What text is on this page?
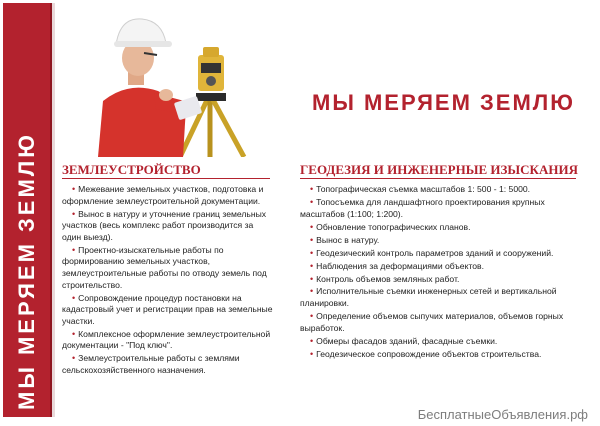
МЫ МЕРЯЕМ ЗЕМЛЮ
МЫ МЕРЯЕМ ЗЕМЛЮ
ЗЕМЛЕУСТРОЙСТВО
• Межевание земельных участков, подготовка и оформление землеустроительной документации.
• Вынос в натуру и уточнение границ земельных участков (весь комплекс работ производится за один выезд).
• Проектно-изыскательные работы по формированию земельных участков, землеустроительные работы по отводу земель под строительство.
• Сопровождение процедур постановки на кадастровый учет и регистрации прав на земельные участки.
• Комплексное оформление землеустроительной документации - "Под ключ".
• Землеустроительные работы с землями сельскохозяйственного назначения.
ГЕОДЕЗИЯ И ИНЖЕНЕРНЫЕ ИЗЫСКАНИЯ
• Топографическая съемка масштабов 1: 500 - 1: 5000.
• Топосъемка для ландшафтного проектирования крупных масштабов (1:100; 1:200).
• Обновление топографических планов.
• Вынос в натуру.
• Геодезический контроль параметров зданий и сооружений.
• Наблюдения за деформациями объектов.
• Контроль объемов земляных работ.
• Исполнительные съемки инженерных сетей и вертикальной планировки.
• Определение объемов сыпучих материалов, объемов горных выработок.
• Обмеры фасадов зданий, фасадные съемки.
• Геодезическое сопровождение объектов строительства.
БесплатныеОбъявления.рф
